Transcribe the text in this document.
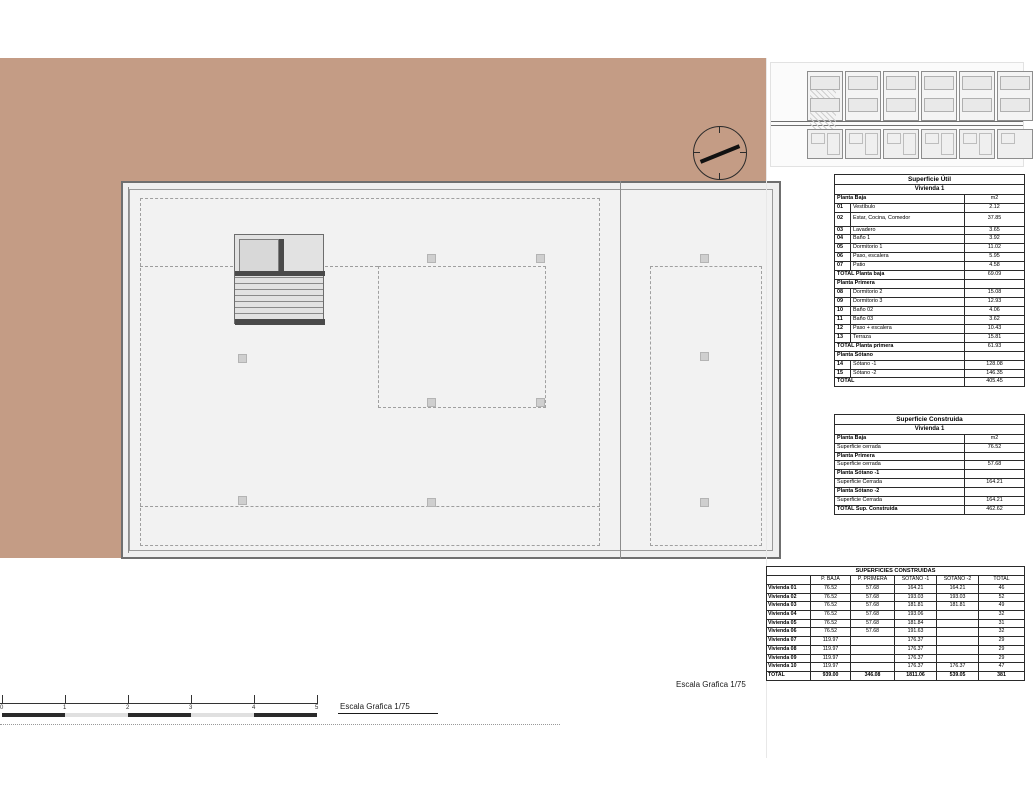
Escala Grafica 1/75
0	1	2	3	4	5	Escala Grafica 1/75
Superficie Útil		
Vivienda 1		
Planta Baja		m2
01	Vestíbulo	2.12
02	Estar, Cocina, Comedor	37.85
03	Lavadero	3.65
04	Baño 1	3.92
05	Dormitorio 1	11.02
06	Paso, escalera	5.95
07	Patio	4.58
TOTAL Planta baja		69.09
Planta Primera		
08	Dormitorio 2	15.08
09	Dormitorio 3	12.93
10	Baño 02	4.06
11	Baño 03	3.62
12	Paso + escalera	10.43
13	Terraza	15.81
TOTAL Planta primera		61.93
Planta Sótano		
14	Sótano -1	128.08
15	Sótano -2	146.35
TOTAL		405.45
Superficie Construida	
Vivienda 1	
Planta Baja	m2
Superficie cerrada	76.52
Planta Primera	
Superficie cerrada	57.68
Planta Sótano -1	
Superficie Cerrada	164.21
Planta Sótano -2	
Superficie Cerrada	164.21
TOTAL Sup. Construida	462.62
SUPERFICIES CONSTRUIDAS					
	P. BAJA	P. PRIMERA	SÓTANO -1	SÓTANO -2	TOTAL
Vivienda 01	76.52	57.68	164.21	164.21	46
Vivienda 02	76.52	57.68	193.03	193.03	52
Vivienda 03	76.52	57.68	181.81	181.81	49
Vivienda 04	76.52	57.68	193.06		32
Vivienda 05	76.52	57.68	181.84		31
Vivienda 06	76.52	57.68	191.63		32
Vivienda 07	119.97		176.37		29
Vivienda 08	119.97		176.37		29
Vivienda 09	119.97		176.37		29
Vivienda 10	119.97		176.37	176.37	47
TOTAL	939.00	346.08	1811.06	539.05	381
